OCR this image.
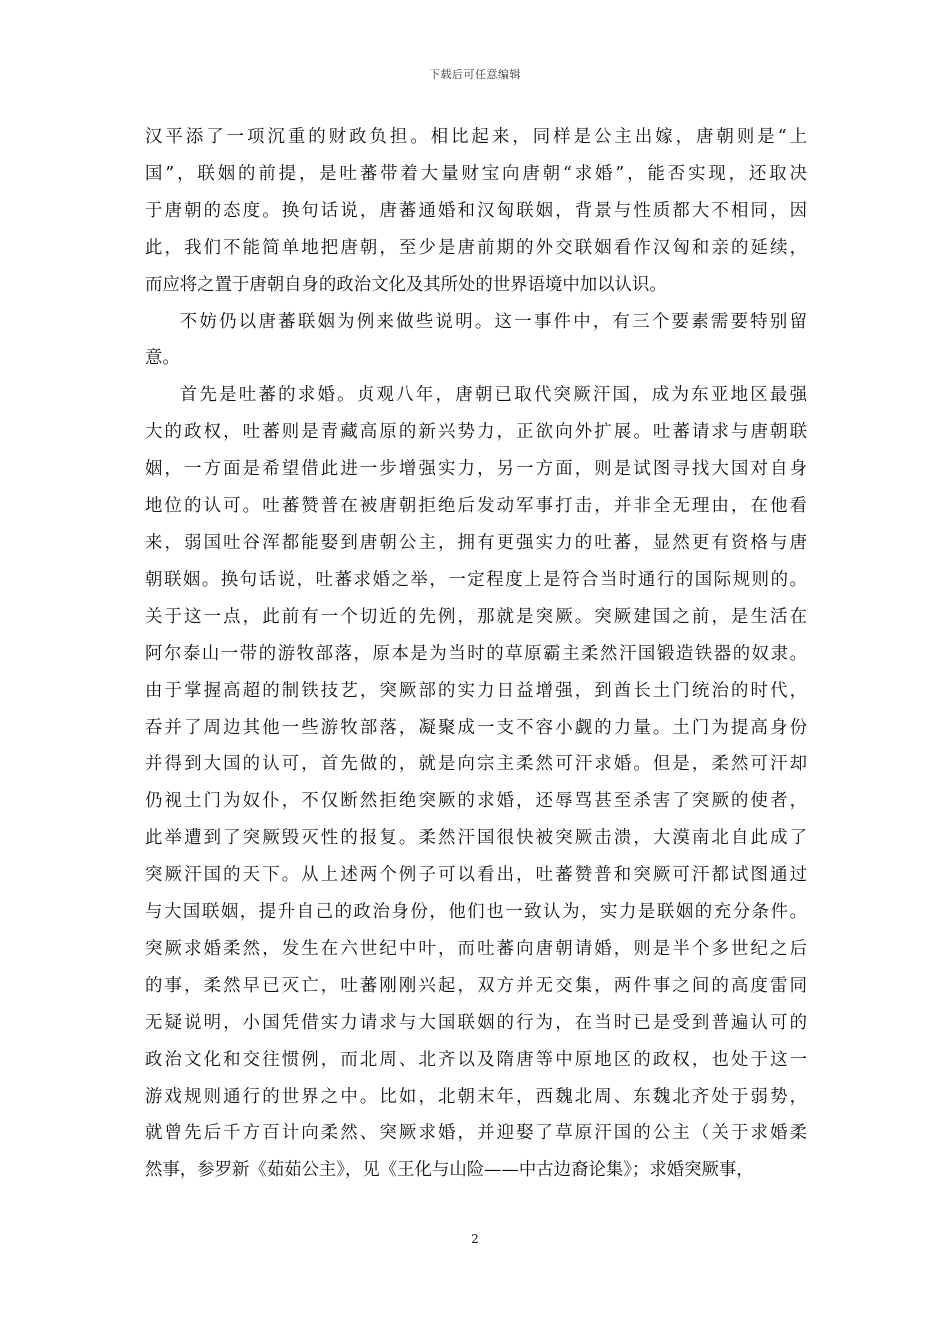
下载后可任意编辑

汉平添了一项沉重的财政负担。相比起来，同样是公主出嫁，唐朝则是“上
国”，联姻的前提，是吐蕃带着大量财宝向唐朝“求婚”，能否实现，还取决
于唐朝的态度。换句话说，唐蕃通婚和汉匈联姻，背景与性质都大不相同，因
此，我们不能简单地把唐朝，至少是唐前期的外交联姻看作汉匈和亲的延续，
而应将之置于唐朝自身的政治文化及其所处的世界语境中加以认识。

不妨仍以唐蕃联姻为例来做些说明。这一事件中，有三个要素需要特别留
意。

首先是吐蕃的求婚。贞观八年，唐朝已取代突厥汗国，成为东亚地区最强
大的政权，吐蕃则是青藏高原的新兴势力，正欲向外扩展。吐蕃请求与唐朝联
姻，一方面是希望借此进一步增强实力，另一方面，则是试图寻找大国对自身
地位的认可。吐蕃赞普在被唐朝拒绝后发动军事打击，并非全无理由，在他看
来，弱国吐谷浑都能娶到唐朝公主，拥有更强实力的吐蕃，显然更有资格与唐
朝联姻。换句话说，吐蕃求婚之举，一定程度上是符合当时通行的国际规则的。
关于这一点，此前有一个切近的先例，那就是突厥。突厥建国之前，是生活在
阿尔泰山一带的游牧部落，原本是为当时的草原霸主柔然汗国锻造铁器的奴隶。
由于掌握高超的制铁技艺，突厥部的实力日益增强，到酋长土门统治的时代，
吞并了周边其他一些游牧部落，凝聚成一支不容小觑的力量。土门为提高身份
并得到大国的认可，首先做的，就是向宗主柔然可汗求婚。但是，柔然可汗却
仍视土门为奴仆，不仅断然拒绝突厥的求婚，还辱骂甚至杀害了突厥的使者，
此举遭到了突厥毁灭性的报复。柔然汗国很快被突厥击溃，大漠南北自此成了
突厥汗国的天下。从上述两个例子可以看出，吐蕃赞普和突厥可汗都试图通过
与大国联姻，提升自己的政治身份，他们也一致认为，实力是联姻的充分条件。
突厥求婚柔然，发生在六世纪中叶，而吐蕃向唐朝请婚，则是半个多世纪之后
的事，柔然早已灭亡，吐蕃刚刚兴起，双方并无交集，两件事之间的高度雷同
无疑说明，小国凭借实力请求与大国联姻的行为，在当时已是受到普遍认可的
政治文化和交往惯例，而北周、北齐以及隋唐等中原地区的政权，也处于这一
游戏规则通行的世界之中。比如，北朝末年，西魏北周、东魏北齐处于弱势，
就曾先后千方百计向柔然、突厥求婚，并迎娶了草原汗国的公主（关于求婚柔
然事，参罗新《茹茹公主》，见《王化与山险——中古边裔论集》；求婚突厥事，

2
